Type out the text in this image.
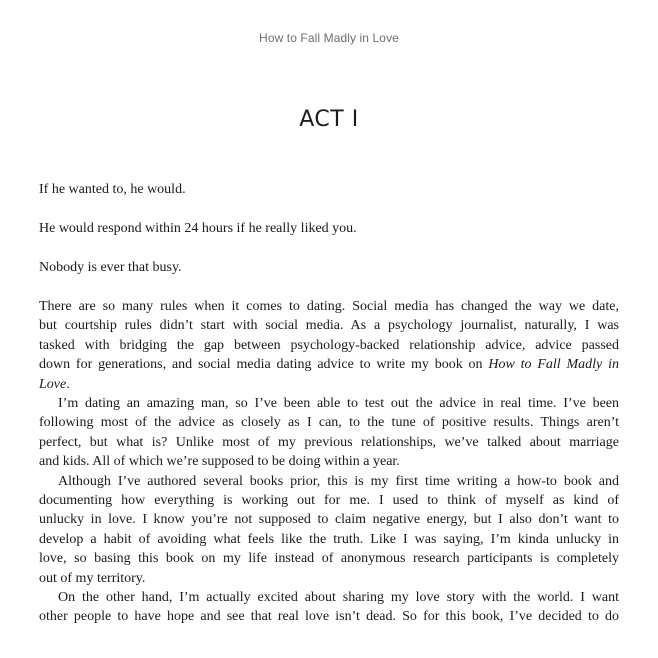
How to Fall Madly in Love
ACT I
If he wanted to, he would.
He would respond within 24 hours if he really liked you.
Nobody is ever that busy.
There are so many rules when it comes to dating. Social media has changed the way we date,
but courtship rules didn’t start with social media. As a psychology journalist, naturally, I was
tasked with bridging the gap between psychology-backed relationship advice, advice passed
down for generations, and social media dating advice to write my book on How to Fall Madly in
Love.
I’m dating an amazing man, so I’ve been able to test out the advice in real time. I’ve been
following most of the advice as closely as I can, to the tune of positive results. Things aren’t
perfect, but what is? Unlike most of my previous relationships, we’ve talked about marriage
and kids. All of which we’re supposed to be doing within a year.
Although I’ve authored several books prior, this is my first time writing a how-to book and
documenting how everything is working out for me. I used to think of myself as kind of
unlucky in love. I know you’re not supposed to claim negative energy, but I also don’t want to
develop a habit of avoiding what feels like the truth. Like I was saying, I’m kinda unlucky in
love, so basing this book on my life instead of anonymous research participants is completely
out of my territory.
On the other hand, I’m actually excited about sharing my love story with the world. I want
other people to have hope and see that real love isn’t dead. So for this book, I’ve decided to do
